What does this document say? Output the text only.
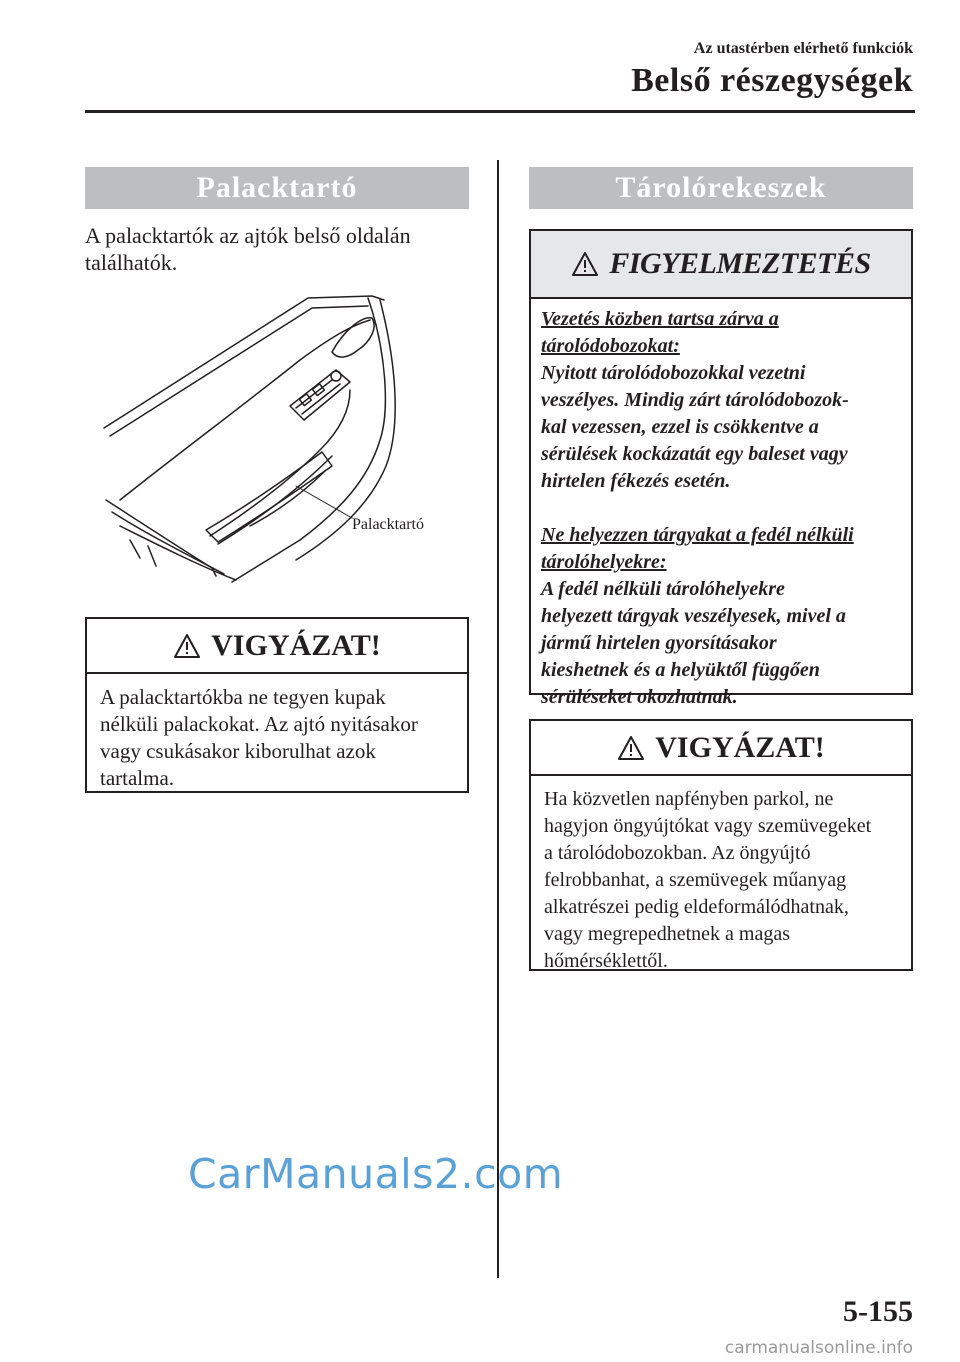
Az utastérben elérhető funkciók
Belső részegységek
Palacktartó
A palacktartók az ajtók belső oldalán
találhatók.
Palacktartó
VIGYÁZAT!
A palacktartókba ne tegyen kupak
nélküli palackokat. Az ajtó nyitásakor
vagy csukásakor kiborulhat azok
tartalma.
Tárolórekeszek
FIGYELMEZTETÉS
Vezetés közben tartsa zárva a
tárolódobozokat:
Nyitott tárolódobozokkal vezetni
veszélyes. Mindig zárt tárolódobozok-
kal vezessen, ezzel is csökkentve a
sérülések kockázatát egy baleset vagy
hirtelen fékezés esetén.
Ne helyezzen tárgyakat a fedél nélküli
tárolóhelyekre:
A fedél nélküli tárolóhelyekre
helyezett tárgyak veszélyesek, mivel a
jármű hirtelen gyorsításakor
kieshetnek és a helyüktől függően
sérüléseket okozhatnak.
VIGYÁZAT!
Ha közvetlen napfényben parkol, ne
hagyjon öngyújtókat vagy szemüvegeket
a tárolódobozokban. Az öngyújtó
felrobbanhat, a szemüvegek műanyag
alkatrészei pedig eldeformálódhatnak,
vagy megrepedhetnek a magas
hőmérséklettől.
CarManuals2.com
5-155
carmanualsonline.info
